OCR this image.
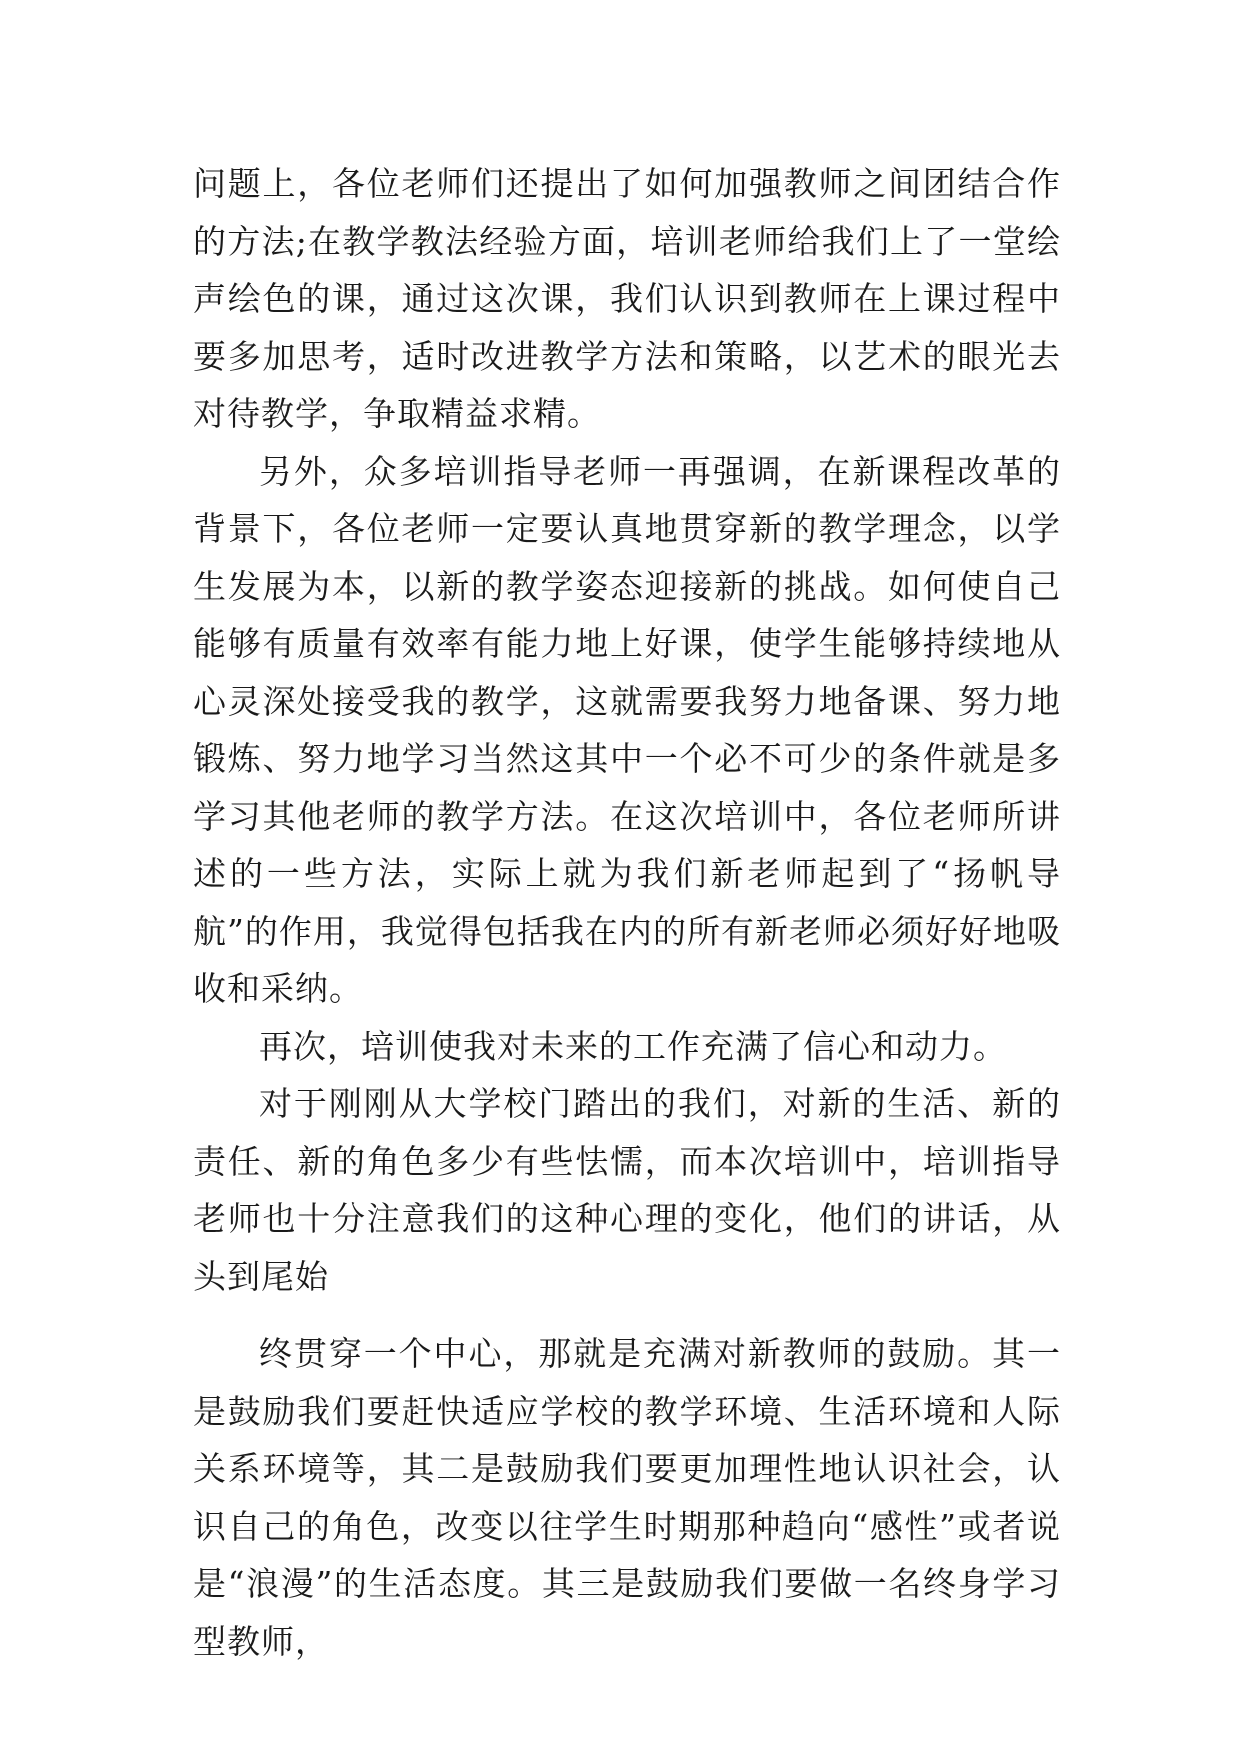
问题上，各位老师们还提出了如何加强教师之间团结合作的方法;在教学教法经验方面，培训老师给我们上了一堂绘声绘色的课，通过这次课，我们认识到教师在上课过程中要多加思考，适时改进教学方法和策略，以艺术的眼光去对待教学，争取精益求精。

另外，众多培训指导老师一再强调，在新课程改革的背景下，各位老师一定要认真地贯穿新的教学理念，以学生发展为本，以新的教学姿态迎接新的挑战。如何使自己能够有质量有效率有能力地上好课，使学生能够持续地从心灵深处接受我的教学，这就需要我努力地备课、努力地锻炼、努力地学习当然这其中一个必不可少的条件就是多学习其他老师的教学方法。在这次培训中，各位老师所讲述的一些方法，实际上就为我们新老师起到了“扬帆导航”的作用，我觉得包括我在内的所有新老师必须好好地吸收和采纳。

再次，培训使我对未来的工作充满了信心和动力。

对于刚刚从大学校门踏出的我们，对新的生活、新的责任、新的角色多少有些怯懦，而本次培训中，培训指导老师也十分注意我们的这种心理的变化，他们的讲话，从头到尾始

终贯穿一个中心，那就是充满对新教师的鼓励。其一是鼓励我们要赶快适应学校的教学环境、生活环境和人际关系环境等，其二是鼓励我们要更加理性地认识社会，认识自己的角色，改变以往学生时期那种趋向“感性”或者说是“浪漫”的生活态度。其三是鼓励我们要做一名终身学习型教师，
